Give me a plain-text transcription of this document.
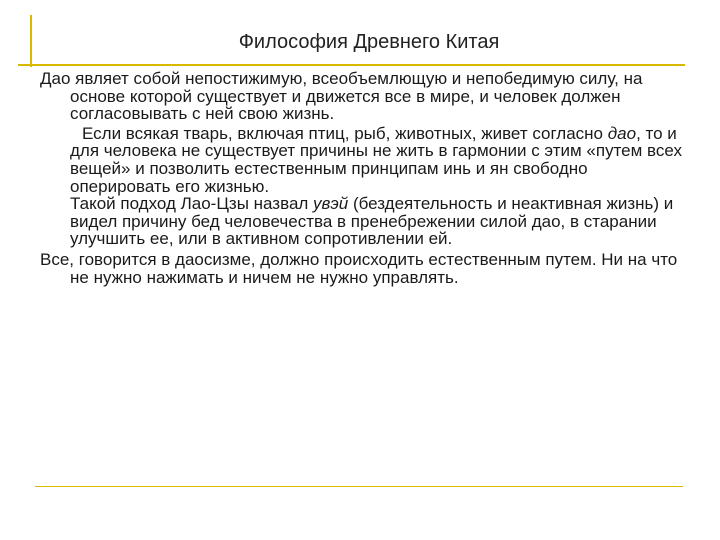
Философия Древнего Китая

Дао являет собой непостижимую, всеобъемлющую и непобедимую силу, на основе которой существует и движется все в мире, и человек должен согласовывать с ней свою жизнь.

Если всякая тварь, включая птиц, рыб, животных, живет согласно дао, то и для человека не существует причины не жить в гармонии с этим «путем всех вещей» и позволить естественным принципам инь и ян свободно оперировать его жизнью.

Такой подход Лао-Цзы назвал увэй (бездеятельность и неактивная жизнь) и видел причину бед человечества в пренебрежении силой дао, в старании улучшить ее, или в активном сопротивлении ей.

Все, говорится в даосизме, должно происходить естественным путем. Ни на что не нужно нажимать и ничем не нужно управлять.
